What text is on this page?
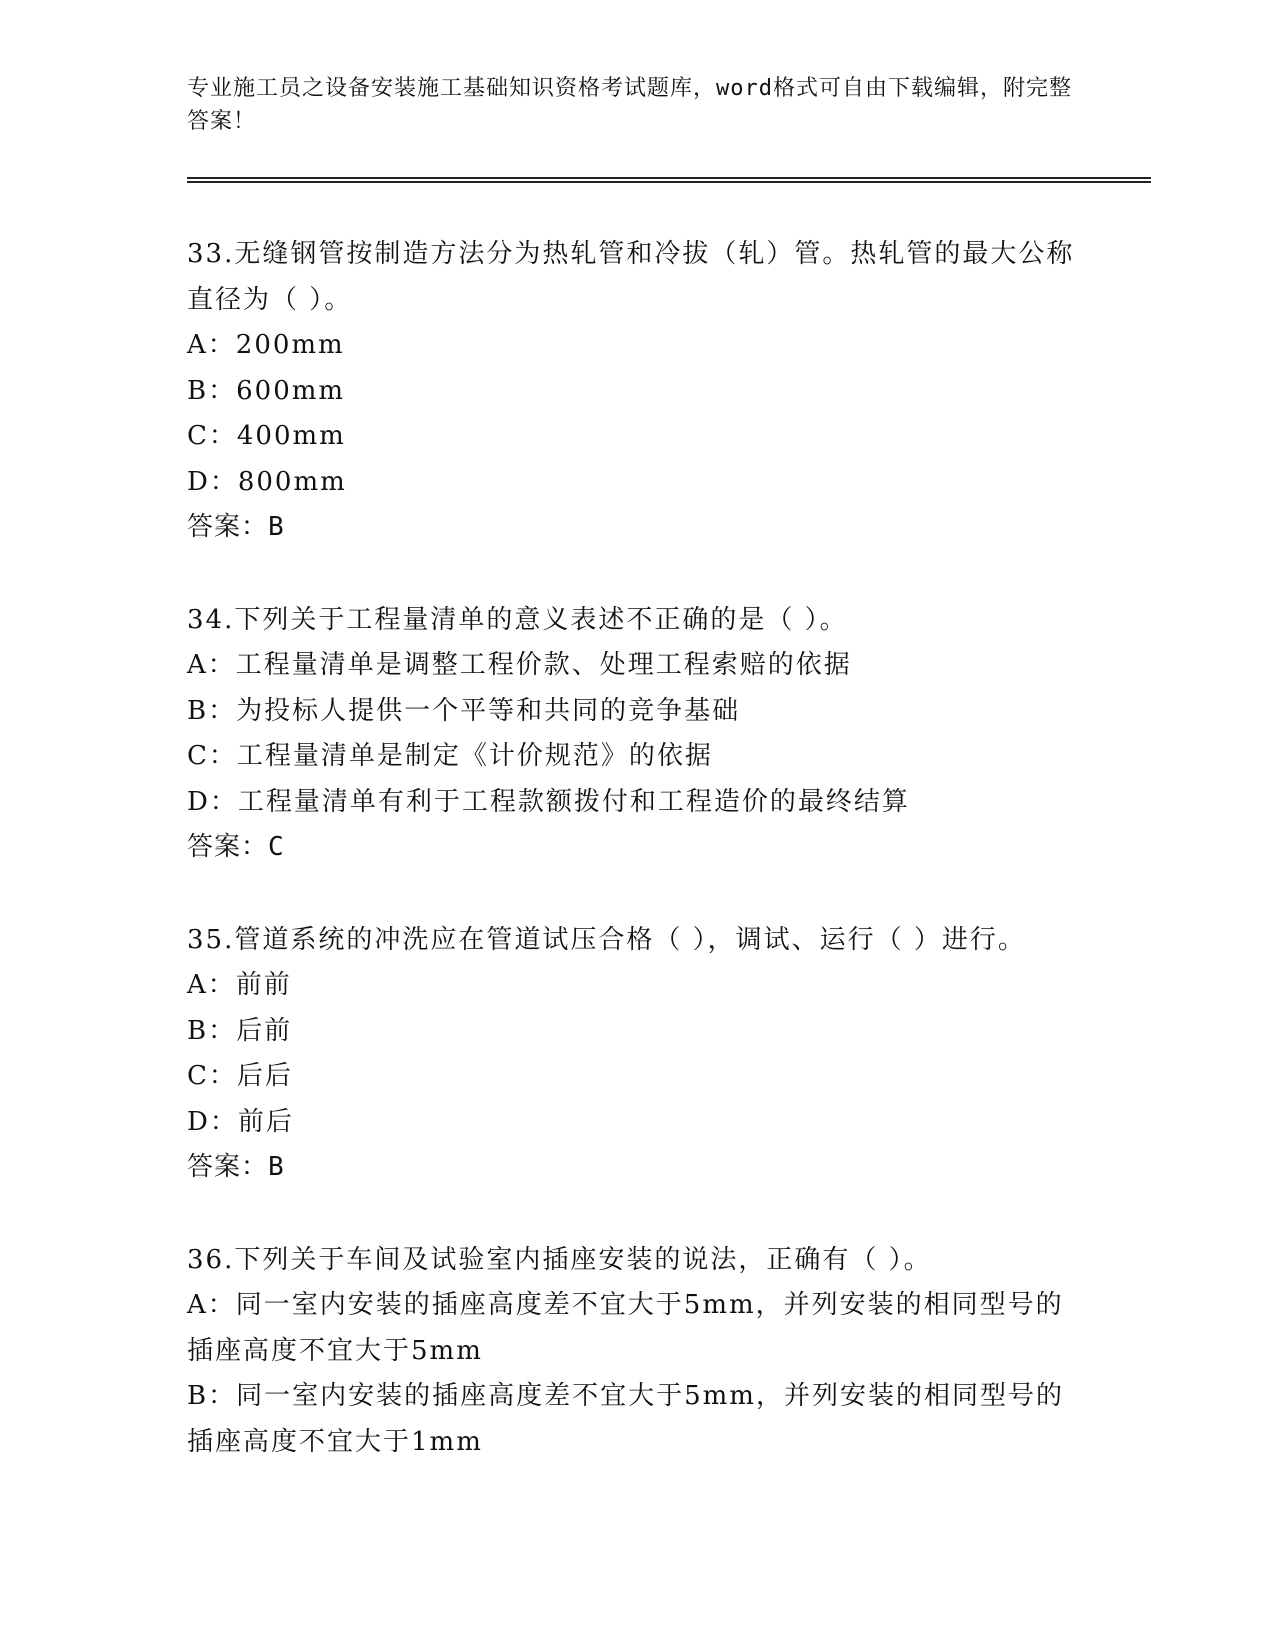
专业施工员之设备安装施工基础知识资格考试题库，word格式可自由下载编辑，附完整答案！

33.无缝钢管按制造方法分为热轧管和冷拔（轧）管。热轧管的最大公称直径为（ ）。

A：200mm

B：600mm

C：400mm

D：800mm

答案：B

34.下列关于工程量清单的意义表述不正确的是（ ）。

A：工程量清单是调整工程价款、处理工程索赔的依据

B：为投标人提供一个平等和共同的竞争基础

C：工程量清单是制定《计价规范》的依据

D：工程量清单有利于工程款额拨付和工程造价的最终结算

答案：C

35.管道系统的冲洗应在管道试压合格（ ），调试、运行（ ）进行。

A：前前

B：后前

C：后后

D：前后

答案：B

36.下列关于车间及试验室内插座安装的说法，正确有（ ）。

A：同一室内安装的插座高度差不宜大于5mm，并列安装的相同型号的插座高度不宜大于5mm

B：同一室内安装的插座高度差不宜大于5mm，并列安装的相同型号的插座高度不宜大于1mm
